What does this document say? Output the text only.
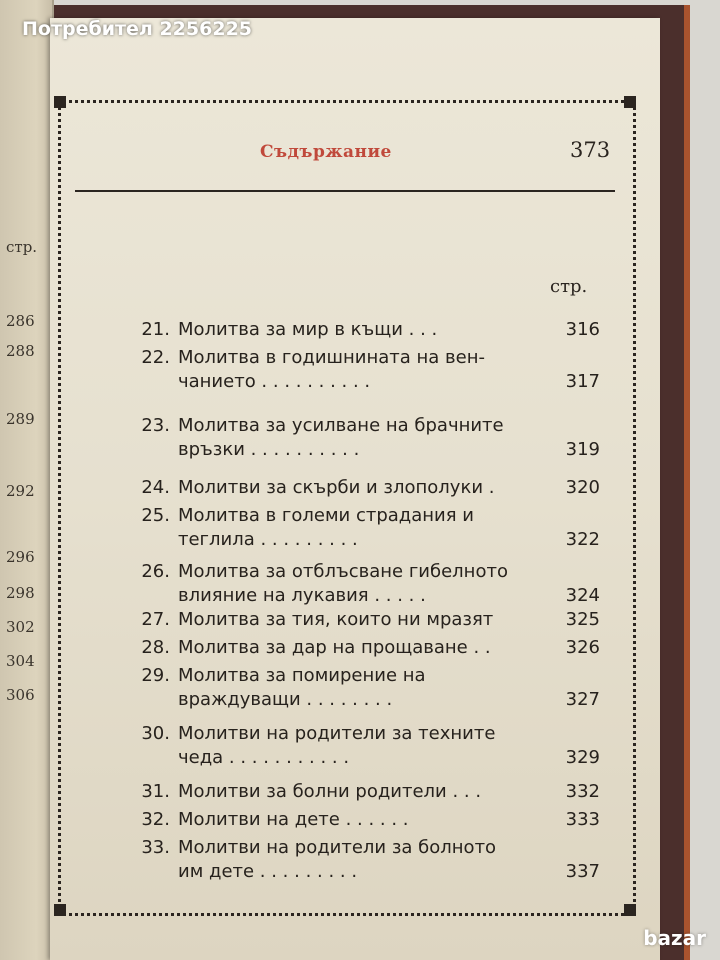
стр.
286
288
289
292
296
298
302
304
306
Съдържание	373
стр.
21. Молитва за мир в къщи . . .	316
22. Молитва в годишнината на вен-
чанието . . . . . . . . . .	317
23. Молитва за усилване на брачните
връзки . . . . . . . . . .	319
24. Молитви за скърби и злополуки .	320
25. Молитва в големи страдания и
теглила . . . . . . . . .	322
26. Молитва за отблъсване гибелното
влияние на лукавия . . . . .	324
27. Молитва за тия, които ни мразят	325
28. Молитва за дар на прощаване . .	326
29. Молитва за помирение на
враждуващи . . . . . . . .	327
30. Молитви на родители за техните
чеда . . . . . . . . . . .	329
31. Молитви за болни родители . . .	332
32. Молитви на дете . . . . . .	333
33. Молитви на родители за болното
им дете . . . . . . . . .	337
Потребител 2256225
bazar
